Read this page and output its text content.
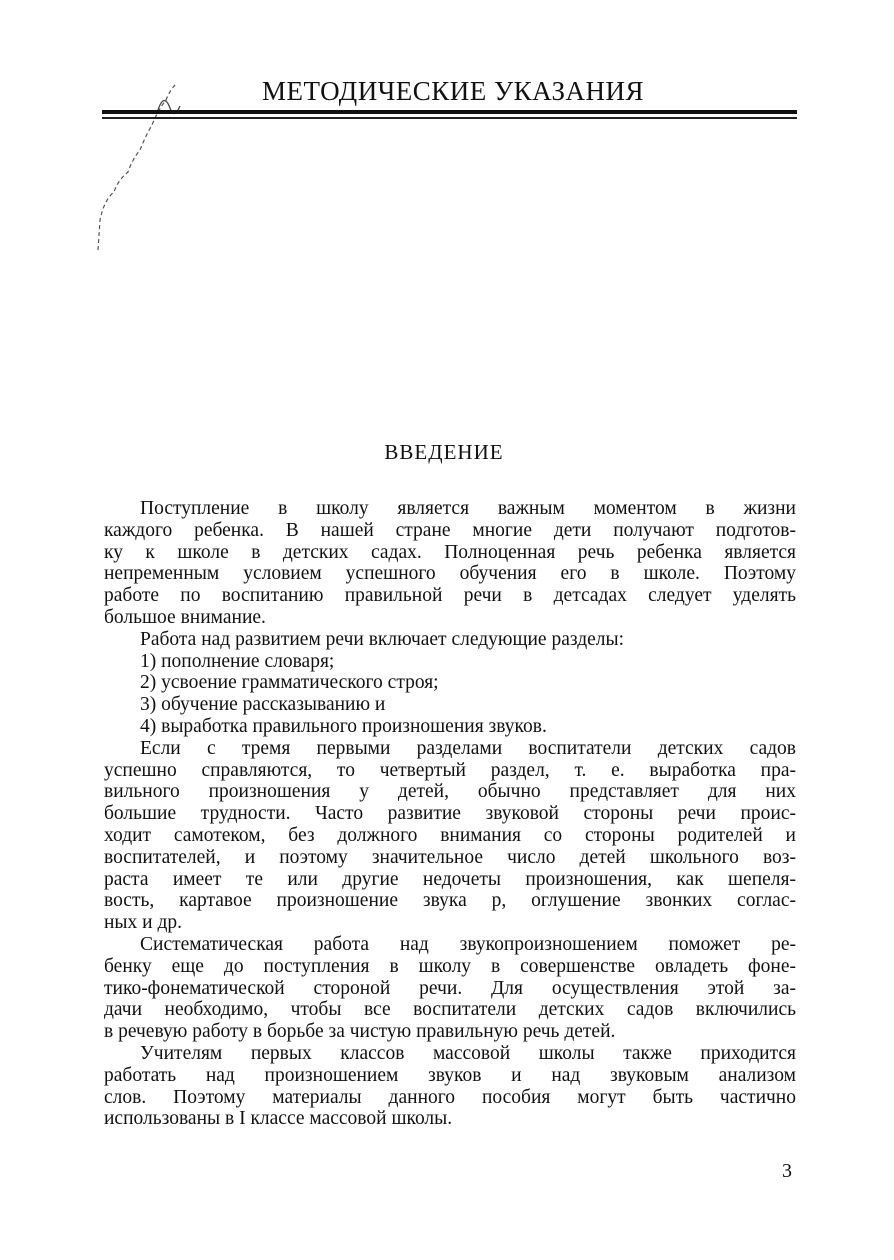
МЕТОДИЧЕСКИЕ УКАЗАНИЯ
ВВЕДЕНИЕ
Поступление в школу является важным моментом в жизни
каждого ребенка. В нашей стране многие дети получают подготов-
ку к школе в детских садах. Полноценная речь ребенка является
непременным условием успешного обучения его в школе. Поэтому
работе по воспитанию правильной речи в детсадах следует уделять
большое внимание.
Работа над развитием речи включает следующие разделы:
1) пополнение словаря;
2) усвоение грамматического строя;
3) обучение рассказыванию и
4) выработка правильного произношения звуков.
Если с тремя первыми разделами воспитатели детских садов
успешно справляются, то четвертый раздел, т. е. выработка пра-
вильного произношения у детей, обычно представляет для них
большие трудности. Часто развитие звуковой стороны речи проис-
ходит самотеком, без должного внимания со стороны родителей и
воспитателей, и поэтому значительное число детей школьного воз-
раста имеет те или другие недочеты произношения, как шепеля-
вость, картавое произношение звука р, оглушение звонких соглас-
ных и др.
Систематическая работа над звукопроизношением поможет ре-
бенку еще до поступления в школу в совершенстве овладеть фоне-
тико-фонематической стороной речи. Для осуществления этой за-
дачи необходимо, чтобы все воспитатели детских садов включились
в речевую работу в борьбе за чистую правильную речь детей.
Учителям первых классов массовой школы также приходится
работать над произношением звуков и над звуковым анализом
слов. Поэтому материалы данного пособия могут быть частично
использованы в I классе массовой школы.
3
